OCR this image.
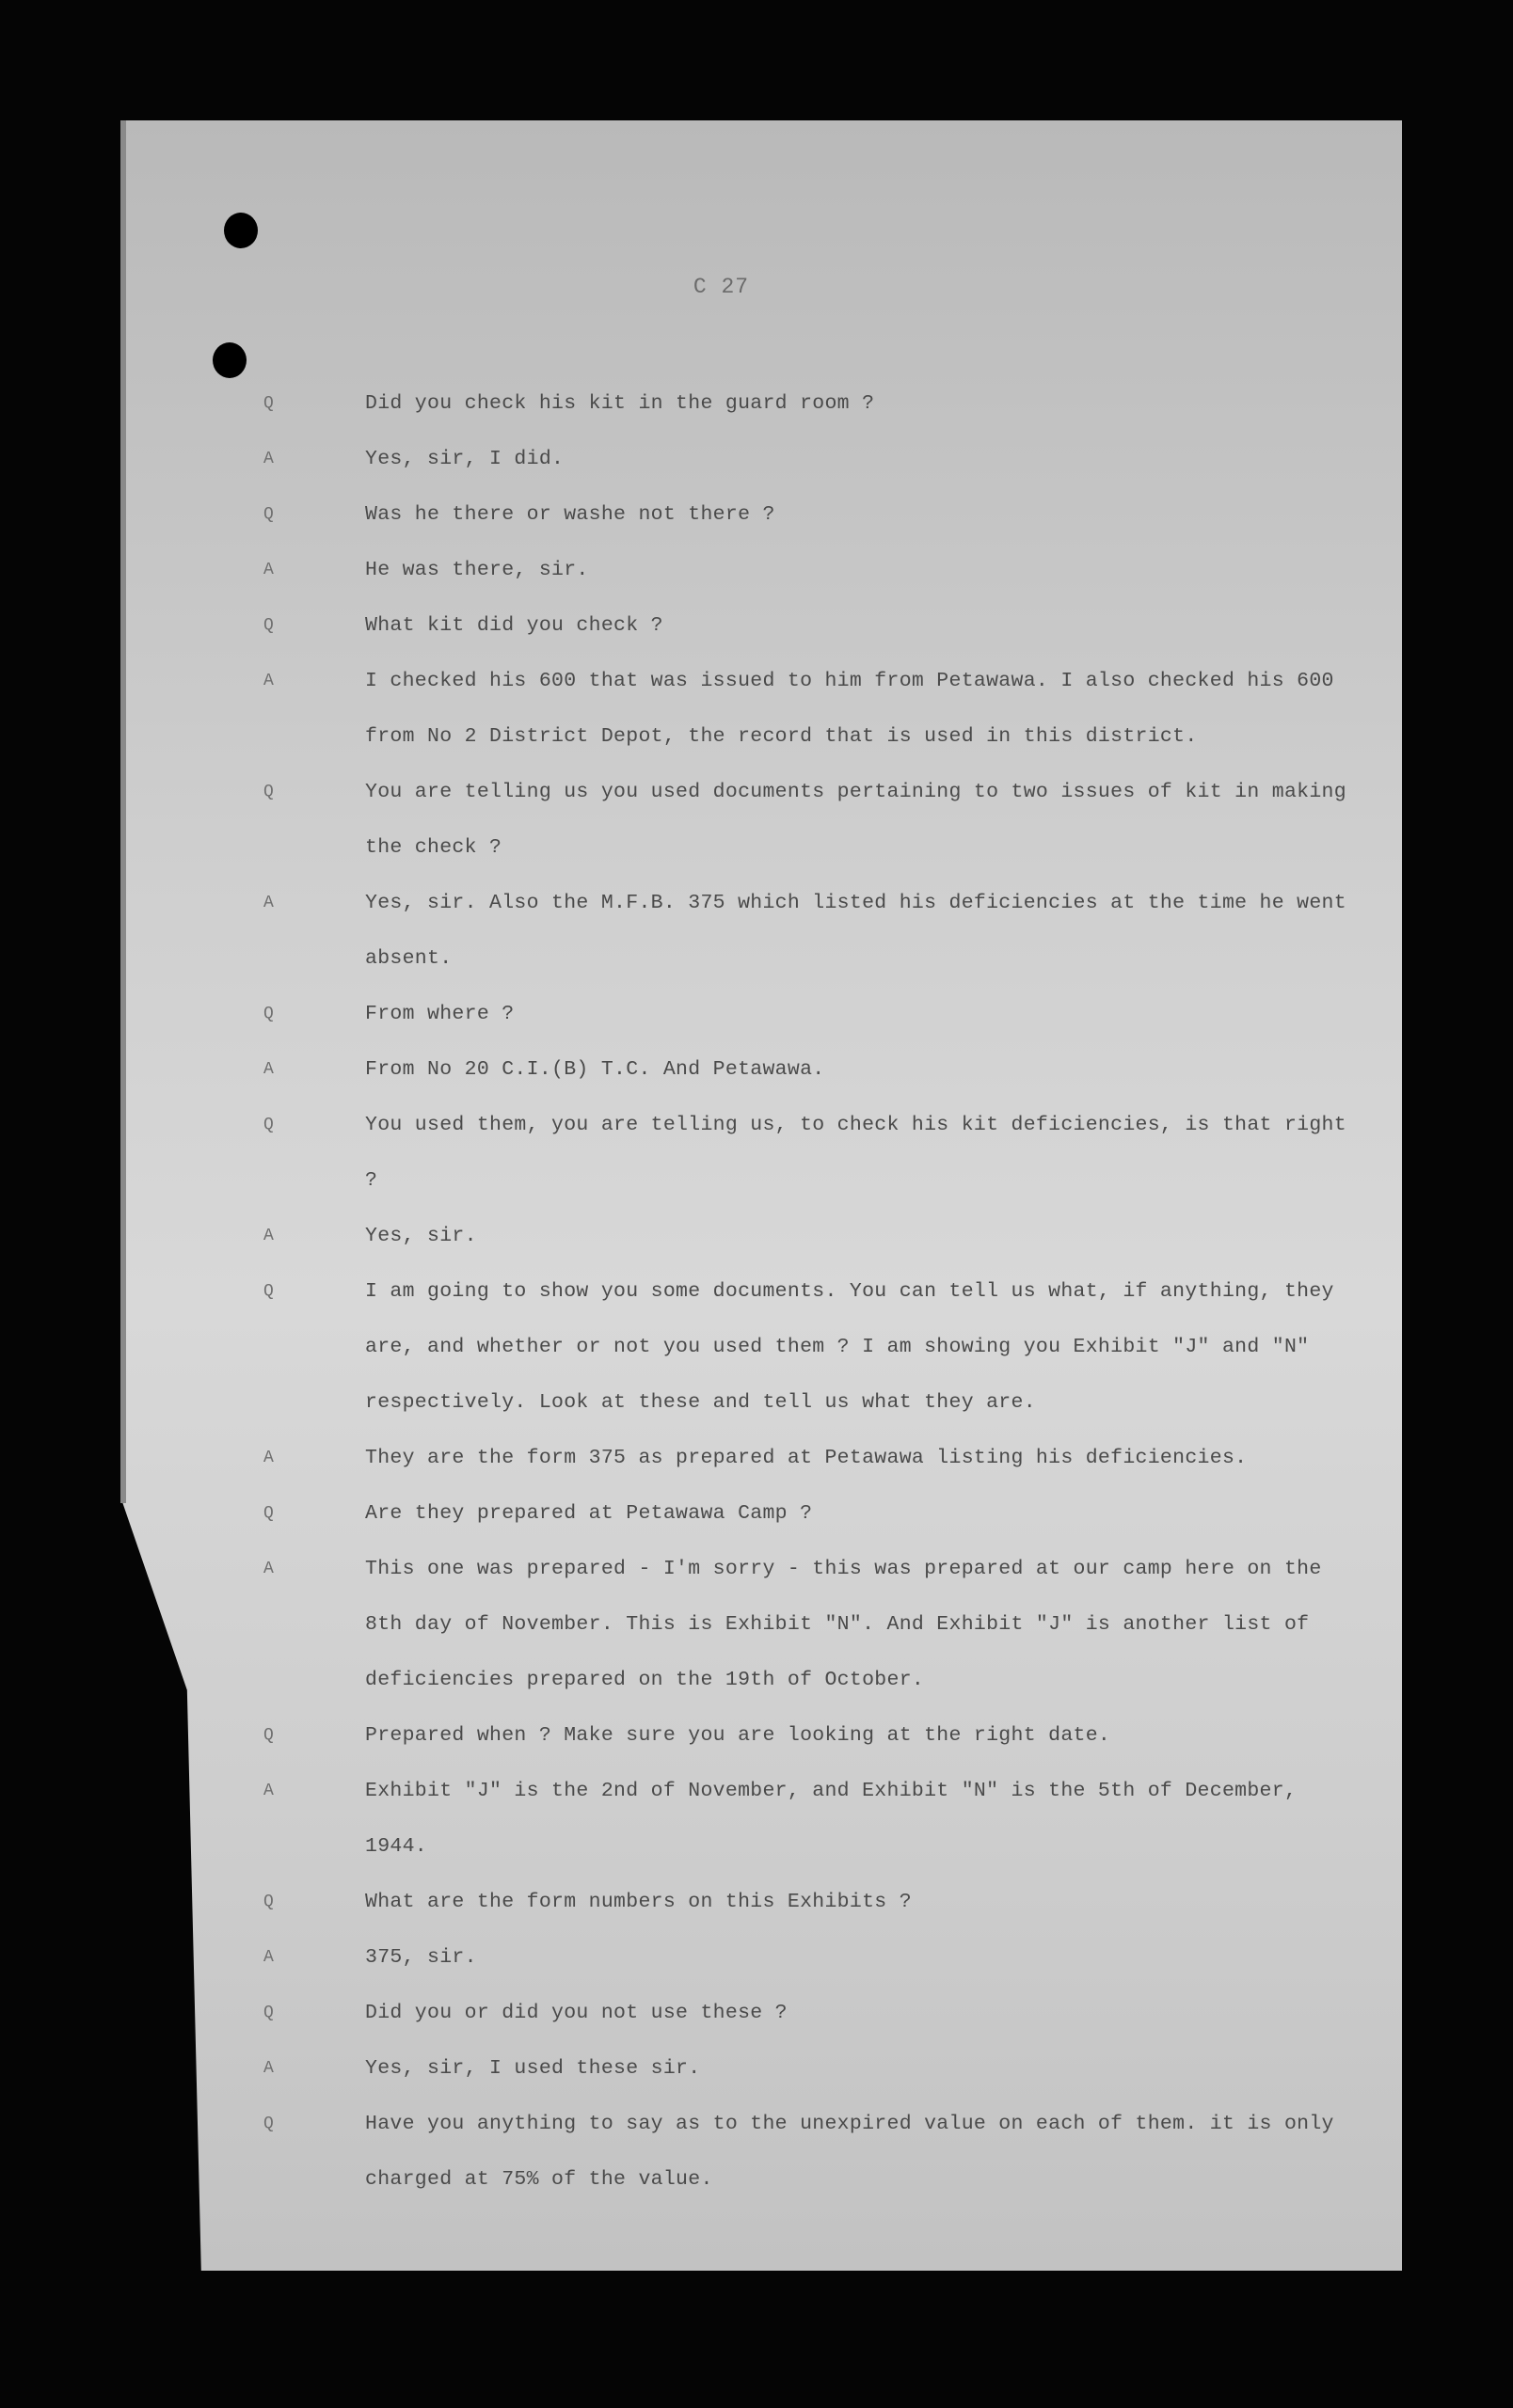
C 27
Q	Did you check his kit in the guard room ?
A	Yes, sir, I did.
Q	Was he there or washe not there ?
A	He was there, sir.
Q	What kit did you check ?
A	I checked his 600 that was issued to him from Petawawa. I also checked his 600 from No 2 District Depot, the record that is used in this district.
Q	You are telling us you used documents pertaining to two issues of kit in making the check ?
A	Yes, sir. Also the M.F.B. 375 which listed his deficiencies at the time he went absent.
Q	From where ?
A	From No 20 C.I.(B) T.C. And Petawawa.
Q	You used them, you are telling us, to check his kit deficiencies, is that right ?
A	Yes, sir.
Q	I am going to show you some documents. You can tell us what, if anything, they are, and whether or not you used them ? I am showing you Exhibit "J" and "N" respectively. Look at these and tell us what they are.
A	They are the form 375 as prepared at Petawawa listing his deficiencies.
Q	Are they prepared at Petawawa Camp ?
A	This one was prepared - I'm sorry - this was prepared at our camp here on the 8th day of November. This is Exhibit "N". And Exhibit "J" is another list of deficiencies prepared on the 19th of October.
Q	Prepared when ? Make sure you are looking at the right date.
A	Exhibit "J" is the 2nd of November, and Exhibit "N" is the 5th of December, 1944.
Q	What are the form numbers on this Exhibits ?
A	375, sir.
Q	Did you or did you not use these ?
A	Yes, sir, I used these sir.
Q	Have you anything to say as to the unexpired value on each of them. it is only charged at 75% of the value.
